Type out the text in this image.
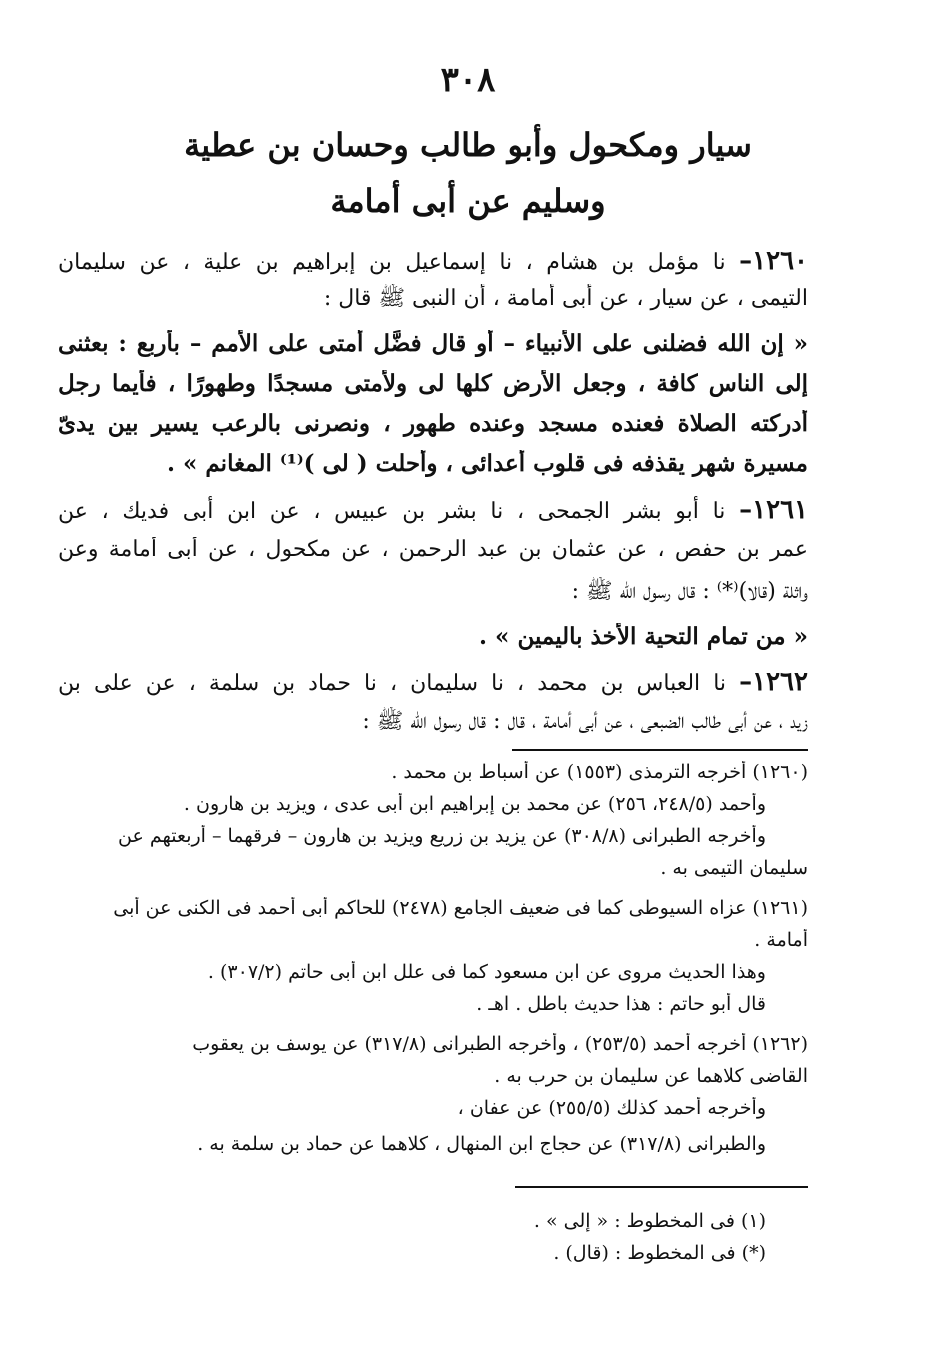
٣٠٨
سيار ومكحول وأبو طالب وحسان بن عطية
وسليم عن أبى أمامة
١٢٦٠– نا مؤمل بن هشام ، نا إسماعيل بن إبراهيم بن علية ، عن سليمان
التيمى ، عن سيار ، عن أبى أمامة ، أن النبى ﷺ قال :
« إن الله فضلنى على الأنبياء – أو قال فضَّل أمتى على الأمم – بأربع : بعثنى
إلى الناس كافة ، وجعل الأرض كلها لى ولأمتى مسجدًا وطهورًا ، فأيما رجل
أدركته الصلاة فعنده مسجد وعنده طهور ، ونصرنى بالرعب يسير بين يدىّ
مسيرة شهر يقذفه فى قلوب أعدائى ، وأحلت ( لى )⁽¹⁾ المغانم » .
١٢٦١– نا أبو بشر الجمحى ، نا بشر بن عبيس ، عن ابن أبى فديك ، عن
عمر بن حفص ، عن عثمان بن عبد الرحمن ، عن مكحول ، عن أبى أمامة وعن
واثلة (قالا)⁽*⁾ : قال رسول الله ﷺ :
« من تمام التحية الأخذ باليمين » .
١٢٦٢– نا العباس بن محمد ، نا سليمان ، نا حماد بن سلمة ، عن على بن
زيد ، عن أبى طالب الضبعى ، عن أبى أمامة ، قال : قال رسول الله ﷺ :
(١٢٦٠) أخرجه الترمذى (١٥٥٣) عن أسباط بن محمد .
وأحمد (٢٤٨/٥، ٢٥٦) عن محمد بن إبراهيم ابن أبى عدى ، ويزيد بن هارون .
وأخرجه الطبرانى (٣٠٨/٨) عن يزيد بن زريع ويزيد بن هارون – فرقهما – أربعتهم عن
سليمان التيمى به .
(١٢٦١) عزاه السيوطى كما فى ضعيف الجامع (٢٤٧٨) للحاكم أبى أحمد فى الكنى عن أبى
أمامة .
وهذا الحديث مروى عن ابن مسعود كما فى علل ابن أبى حاتم (٣٠٧/٢) .
قال أبو حاتم : هذا حديث باطل . اهـ .
(١٢٦٢) أخرجه أحمد (٢٥٣/٥) ، وأخرجه الطبرانى (٣١٧/٨) عن يوسف بن يعقوب
القاضى كلاهما عن سليمان بن حرب به .
وأخرجه أحمد كذلك (٢٥٥/٥) عن عفان ،
والطبرانى (٣١٧/٨) عن حجاج ابن المنهال ، كلاهما عن حماد بن سلمة به .
(١) فى المخطوط : « إلى » .
(*) فى المخطوط : (قال) .
